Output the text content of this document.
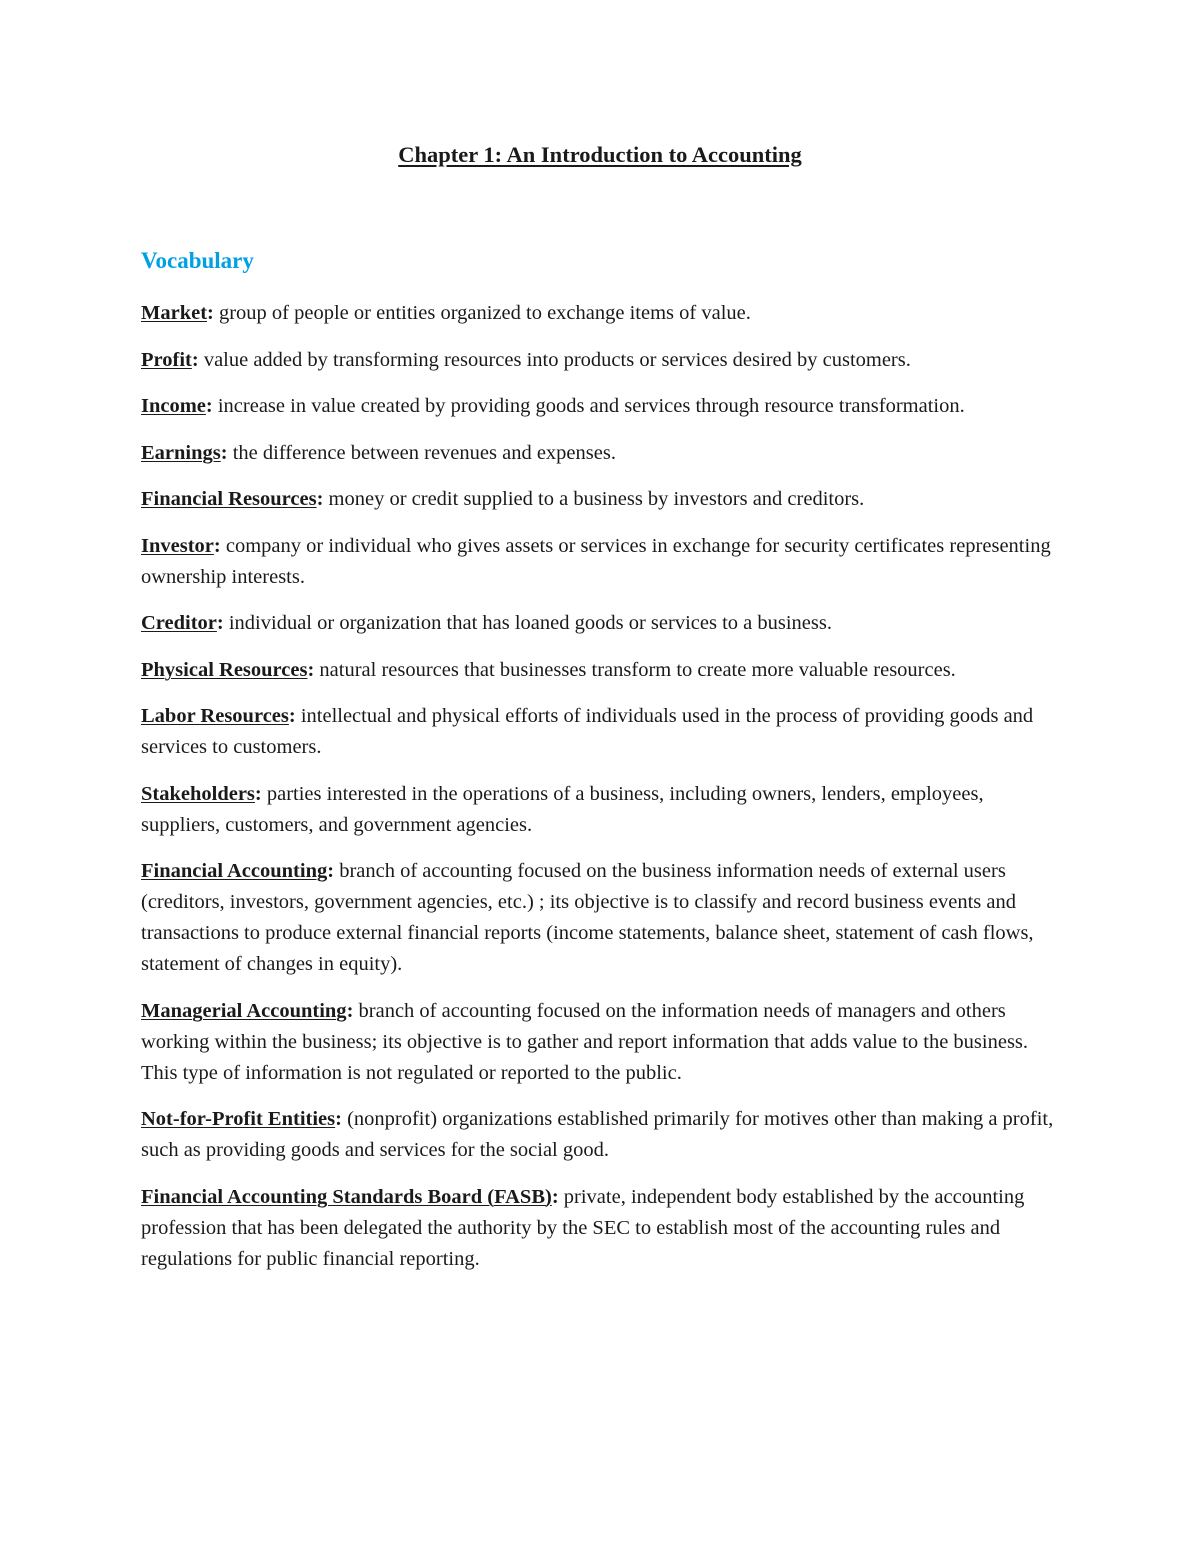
Chapter 1: An Introduction to Accounting
Vocabulary

Market: group of people or entities organized to exchange items of value.

Profit: value added by transforming resources into products or services desired by customers.

Income: increase in value created by providing goods and services through resource transformation.

Earnings: the difference between revenues and expenses.

Financial Resources: money or credit supplied to a business by investors and creditors.

Investor: company or individual who gives assets or services in exchange for security certificates representing ownership interests.

Creditor: individual or organization that has loaned goods or services to a business.

Physical Resources: natural resources that businesses transform to create more valuable resources.

Labor Resources: intellectual and physical efforts of individuals used in the process of providing goods and services to customers.

Stakeholders: parties interested in the operations of a business, including owners, lenders, employees, suppliers, customers, and government agencies.

Financial Accounting: branch of accounting focused on the business information needs of external users (creditors, investors, government agencies, etc.) ; its objective is to classify and record business events and transactions to produce external financial reports (income statements, balance sheet, statement of cash flows, statement of changes in equity).

Managerial Accounting: branch of accounting focused on the information needs of managers and others working within the business; its objective is to gather and report information that adds value to the business. This type of information is not regulated or reported to the public.

Not-for-Profit Entities: (nonprofit) organizations established primarily for motives other than making a profit, such as providing goods and services for the social good.

Financial Accounting Standards Board (FASB): private, independent body established by the accounting profession that has been delegated the authority by the SEC to establish most of the accounting rules and regulations for public financial reporting.
